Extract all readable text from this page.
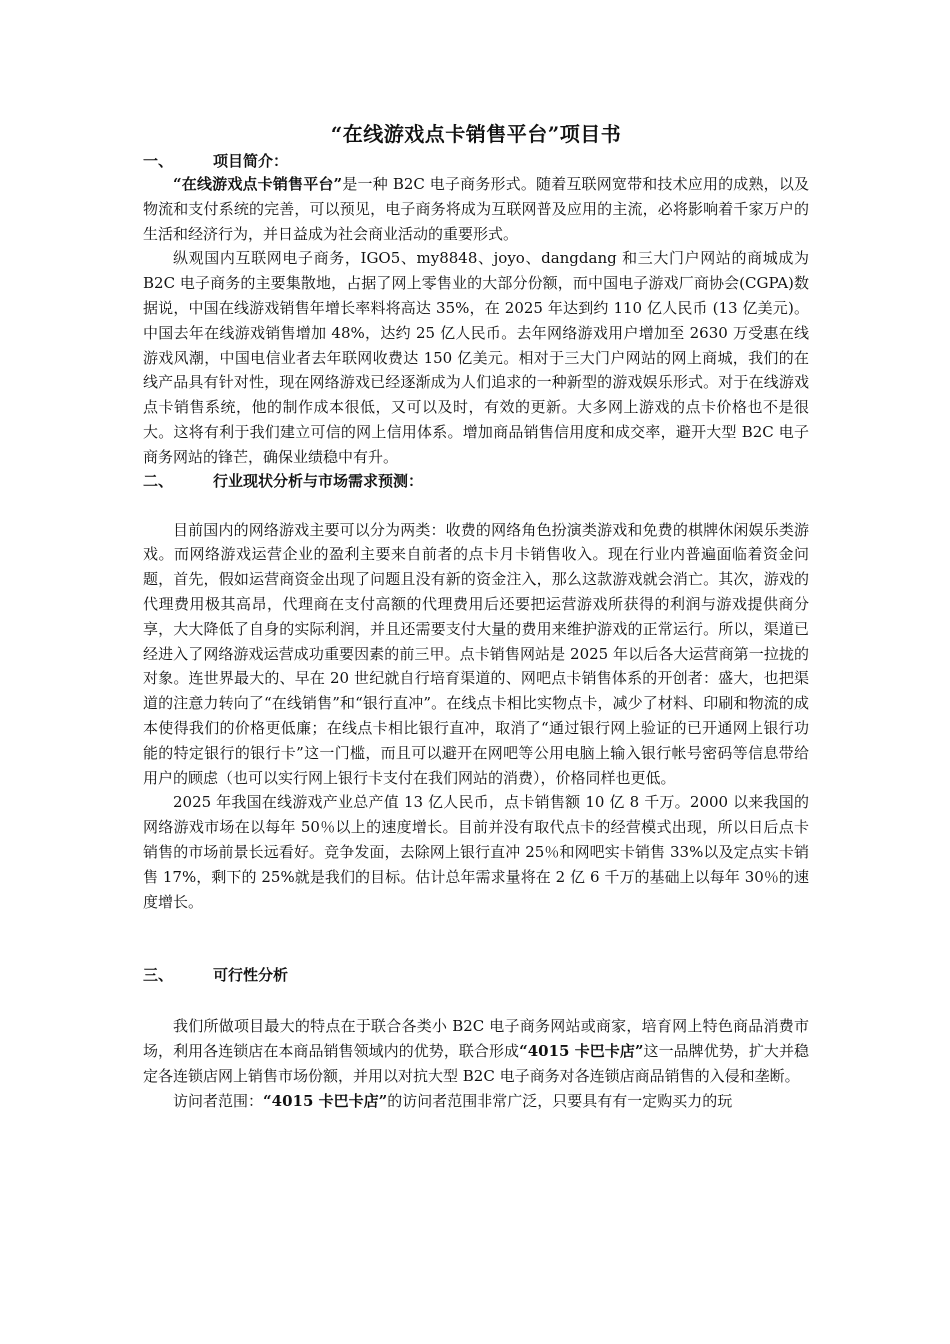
“在线游戏点卡销售平台”项目书
一、	项目简介：

“在线游戏点卡销售平台”是一种 B2C 电子商务形式。随着互联网宽带和技术应用的成熟，以及物流和支付系统的完善，可以预见，电子商务将成为互联网普及应用的主流，必将影响着千家万户的生活和经济行为，并日益成为社会商业活动的重要形式。

纵观国内互联网电子商务，IGO5、my8848、joyo、dangdang 和三大门户网站的商城成为 B2C 电子商务的主要集散地，占据了网上零售业的大部分份额，而中国电子游戏厂商协会(CGPA)数据说，中国在线游戏销售年增长率料将高达 35%，在 2025 年达到约 110 亿人民币 (13 亿美元)。 中国去年在线游戏销售增加 48%，达约 25 亿人民币。去年网络游戏用户增加至 2630 万受惠在线游戏风潮，中国电信业者去年联网收费达 150 亿美元。相对于三大门户网站的网上商城，我们的在线产品具有针对性，现在网络游戏已经逐渐成为人们追求的一种新型的游戏娱乐形式。对于在线游戏点卡销售系统，他的制作成本很低，又可以及时，有效的更新。大多网上游戏的点卡价格也不是很大。这将有利于我们建立可信的网上信用体系。增加商品销售信用度和成交率，避开大型 B2C 电子商务网站的锋芒，确保业绩稳中有升。

二、	行业现状分析与市场需求预测：

目前国内的网络游戏主要可以分为两类：收费的网络角色扮演类游戏和免费的棋牌休闲娱乐类游戏。而网络游戏运营企业的盈利主要来自前者的点卡月卡销售收入。现在行业内普遍面临着资金问题，首先，假如运营商资金出现了问题且没有新的资金注入，那么这款游戏就会消亡。其次，游戏的代理费用极其高昂，代理商在支付高额的代理费用后还要把运营游戏所获得的利润与游戏提供商分享，大大降低了自身的实际利润，并且还需要支付大量的费用来维护游戏的正常运行。所以，渠道已经进入了网络游戏运营成功重要因素的前三甲。点卡销售网站是 2025 年以后各大运营商第一拉拢的对象。连世界最大的、早在 20 世纪就自行培育渠道的、网吧点卡销售体系的开创者：盛大，也把渠道的注意力转向了“在线销售”和“银行直冲”。在线点卡相比实物点卡，减少了材料、印刷和物流的成本使得我们的价格更低廉；在线点卡相比银行直冲，取消了“通过银行网上验证的已开通网上银行功能的特定银行的银行卡”这一门槛，而且可以避开在网吧等公用电脑上输入银行帐号密码等信息带给用户的顾虑（也可以实行网上银行卡支付在我们网站的消费），价格同样也更低。

2025 年我国在线游戏产业总产值 13 亿人民币，点卡销售额 10 亿 8 千万。2000 以来我国的网络游戏市场在以每年 50％以上的速度增长。目前并没有取代点卡的经营模式出现，所以日后点卡销售的市场前景长远看好。竞争发面，去除网上银行直冲 25％和网吧实卡销售 33%以及定点实卡销售 17%，剩下的 25%就是我们的目标。估计总年需求量将在 2 亿 6 千万的基础上以每年 30％的速度增长。

三、	可行性分析

我们所做项目最大的特点在于联合各类小 B2C 电子商务网站或商家，培育网上特色商品消费市场，利用各连锁店在本商品销售领域内的优势，联合形成“4015 卡巴卡店”这一品牌优势，扩大并稳定各连锁店网上销售市场份额，并用以对抗大型 B2C 电子商务对各连锁店商品销售的入侵和垄断。

访问者范围：“4015 卡巴卡店”的访问者范围非常广泛，只要具有有一定购买力的玩
